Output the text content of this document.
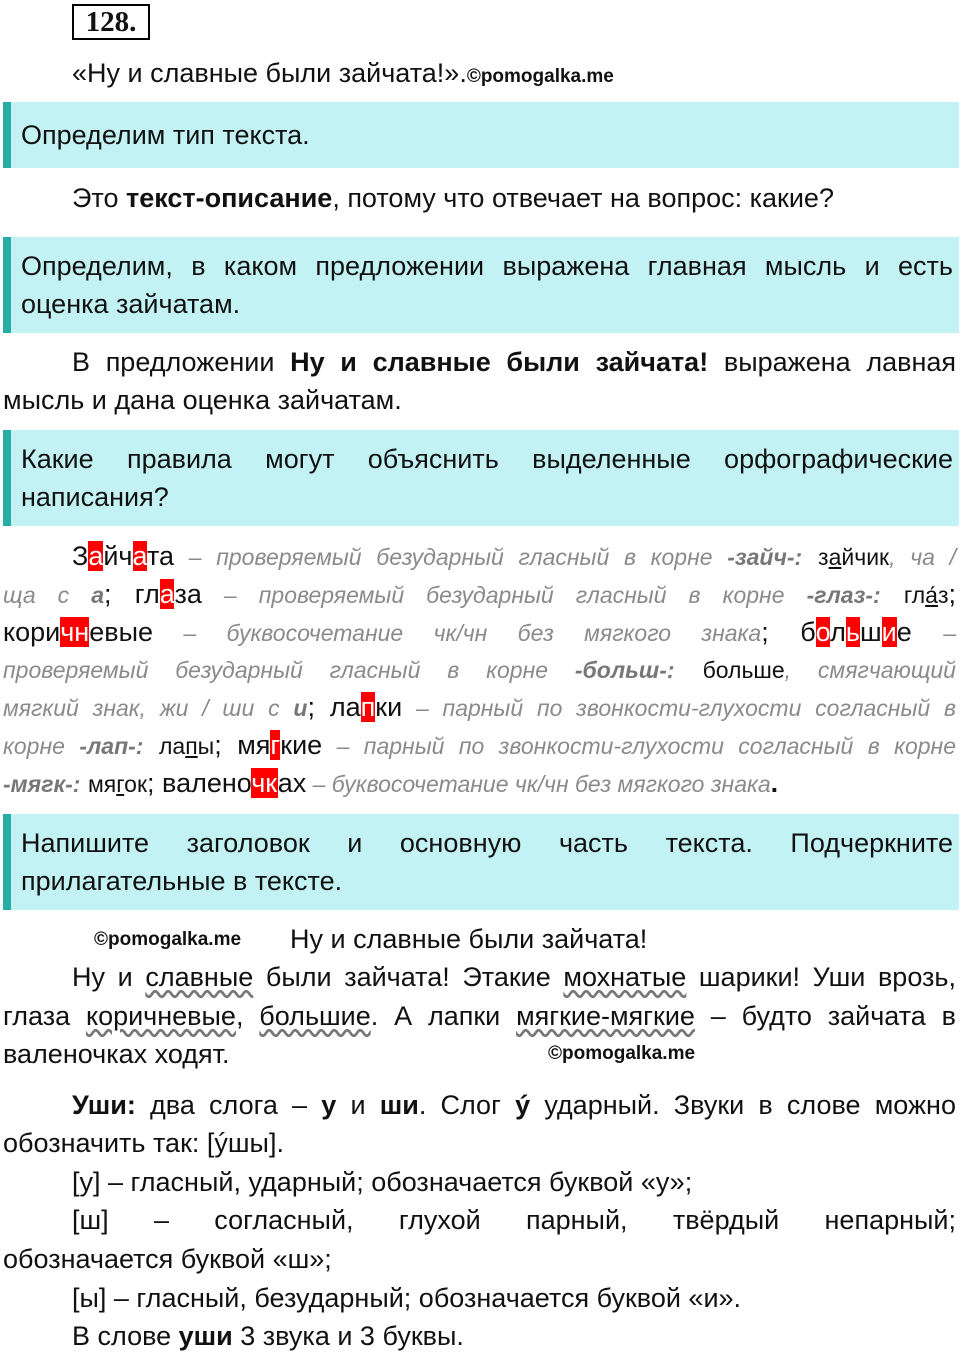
128.
«Ну и славные были зайчата!».©pomogalka.me
Определим тип текста.
Это текст-описание, потому что отвечает на вопрос: какие?
Определим, в каком предложении выражена главная мысль и есть
оценка зайчатам.
В предложении Ну и славные были зайчата! выражена лавная
мысль и дана оценка зайчатам.
Какие правила могут объяснить выделенные орфографические
написания?
Зайчата – проверяемый безударный гласный в корне -зайч-: зайчик, ча /
ща с а; глаза – проверяемый безударный гласный в корне -глаз-: гла́з;
коричневые – буквосочетание чк/чн без мягкого знака; большие –
проверяемый безударный гласный в корне -больш-: больше, смягчающий
мягкий знак, жи / ши с и; лапки – парный по звонкости-глухости согласный в
корне -лап-: лапы; мягкие – парный по звонкости-глухости согласный в корне
-мягк-: мягок; валеночках – буквосочетание чк/чн без мягкого знака.
Напишите заголовок и основную часть текста. Подчеркните
прилагательные в тексте.
©pomogalka.me Ну и славные были зайчата!
Ну и славные были зайчата! Этакие мохнатые шарики! Уши врозь,
глаза коричневые, большие. А лапки мягкие-мягкие – будто зайчата в
валеночках ходят.	©pomogalka.me
Уши: два слога – у и ши. Слог ý ударный. Звуки в слове можно
обозначить так: [ýшы].
[у] – гласный, ударный; обозначается буквой «у»;
[ш] – согласный, глухой парный, твёрдый непарный;
обозначается буквой «ш»;
[ы] – гласный, безударный; обозначается буквой «и».
В слове уши 3 звука и 3 буквы.
